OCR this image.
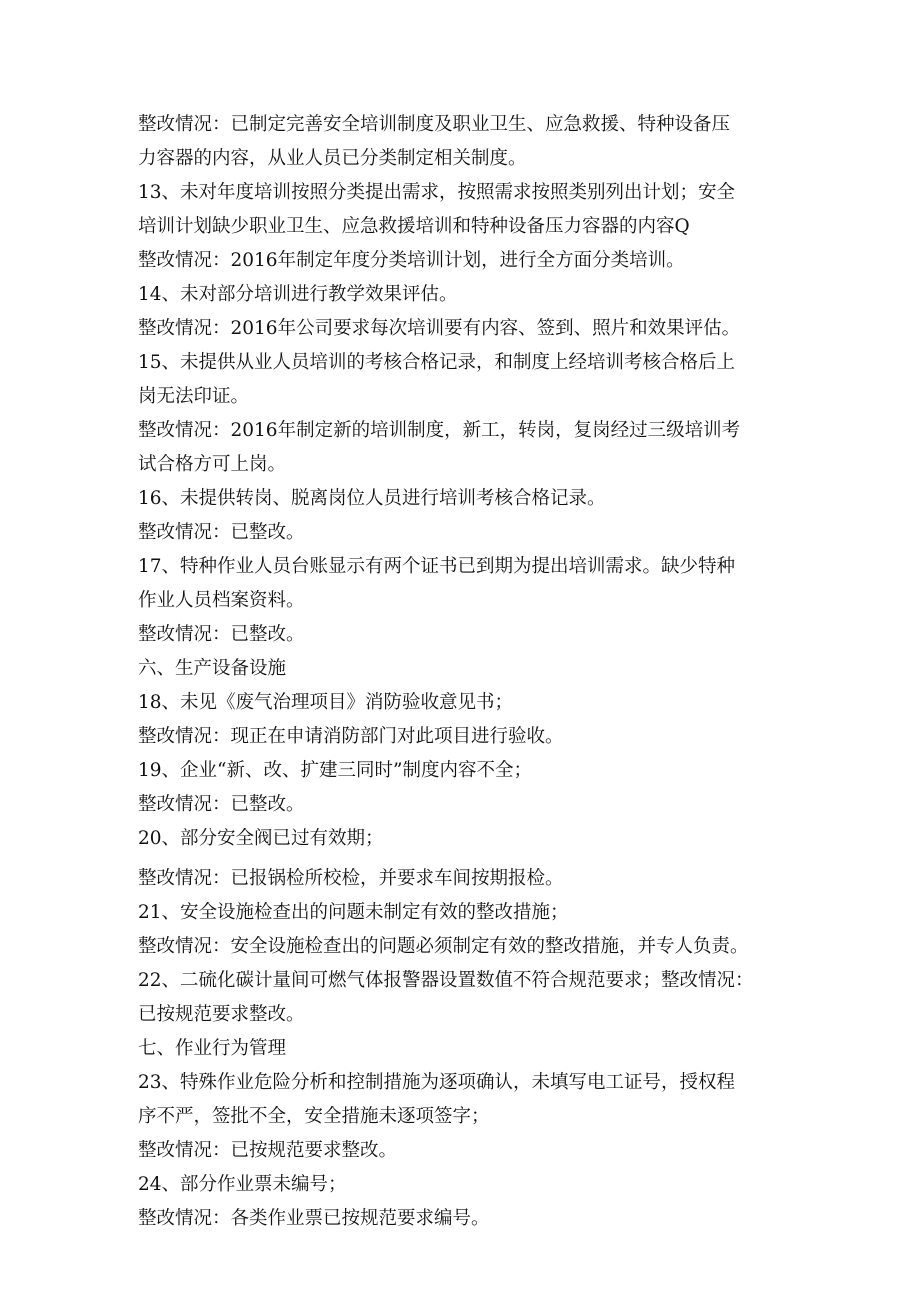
整改情况：已制定完善安全培训制度及职业卫生、应急救援、特种设备压
力容器的内容，从业人员已分类制定相关制度。
13、未对年度培训按照分类提出需求，按照需求按照类别列出计划；安全
培训计划缺少职业卫生、应急救援培训和特种设备压力容器的内容Q
整改情况：2016年制定年度分类培训计划，进行全方面分类培训。
14、未对部分培训进行教学效果评估。
整改情况：2016年公司要求每次培训要有内容、签到、照片和效果评估。
15、未提供从业人员培训的考核合格记录，和制度上经培训考核合格后上
岗无法印证。
整改情况：2016年制定新的培训制度，新工，转岗，复岗经过三级培训考
试合格方可上岗。
16、未提供转岗、脱离岗位人员进行培训考核合格记录。
整改情况：已整改。
17、特种作业人员台账显示有两个证书已到期为提出培训需求。缺少特种
作业人员档案资料。
整改情况：已整改。
六、生产设备设施
18、未见《废气治理项目》消防验收意见书；
整改情况：现正在申请消防部门对此项目进行验收。
19、企业“新、改、扩建三同时”制度内容不全；
整改情况：已整改。
20、部分安全阀已过有效期；
整改情况：已报锅检所校检，并要求车间按期报检。
21、安全设施检查出的问题未制定有效的整改措施；
整改情况：安全设施检查出的问题必须制定有效的整改措施，并专人负责。
22、二硫化碳计量间可燃气体报警器设置数值不符合规范要求；整改情况：
已按规范要求整改。
七、作业行为管理
23、特殊作业危险分析和控制措施为逐项确认，未填写电工证号，授权程
序不严，签批不全，安全措施未逐项签字；
整改情况：已按规范要求整改。
24、部分作业票未编号；
整改情况：各类作业票已按规范要求编号。
